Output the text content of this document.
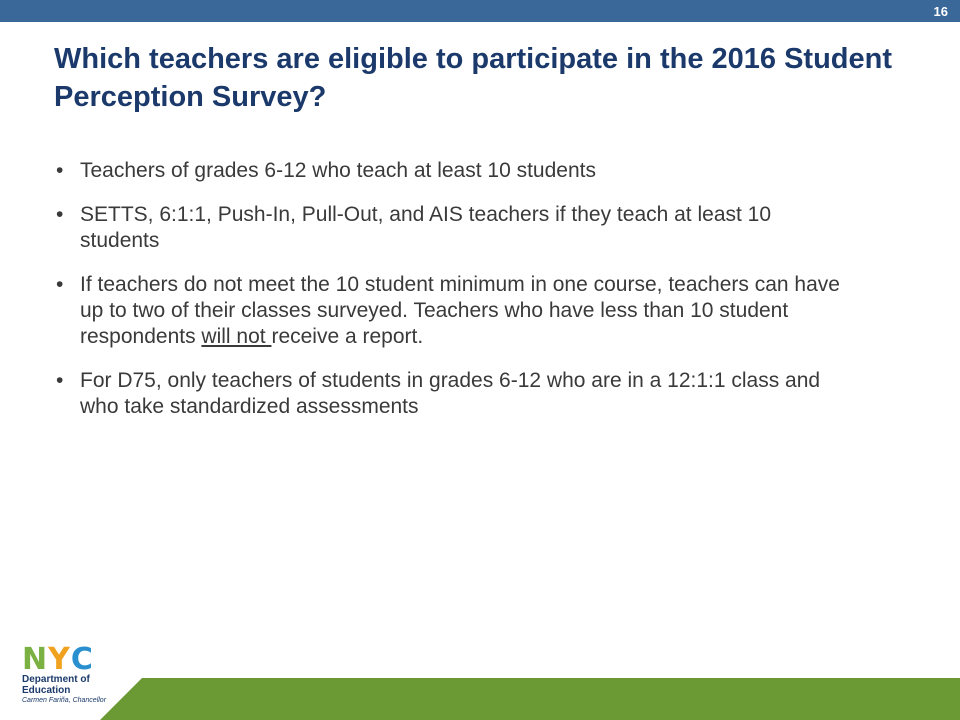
16
Which teachers are eligible to participate in the 2016 Student Perception Survey?
• Teachers of grades 6-12 who teach at least 10 students
• SETTS, 6:1:1, Push-In, Pull-Out, and AIS teachers if they teach at least 10 students
• If teachers do not meet the 10 student minimum in one course, teachers can have up to two of their classes surveyed. Teachers who have less than 10 student respondents will not receive a report.
• For D75, only teachers of students in grades 6-12 who are in a 12:1:1 class and who take standardized assessments
N Y C
Department of
Education
Carmen Fariña, Chancellor
